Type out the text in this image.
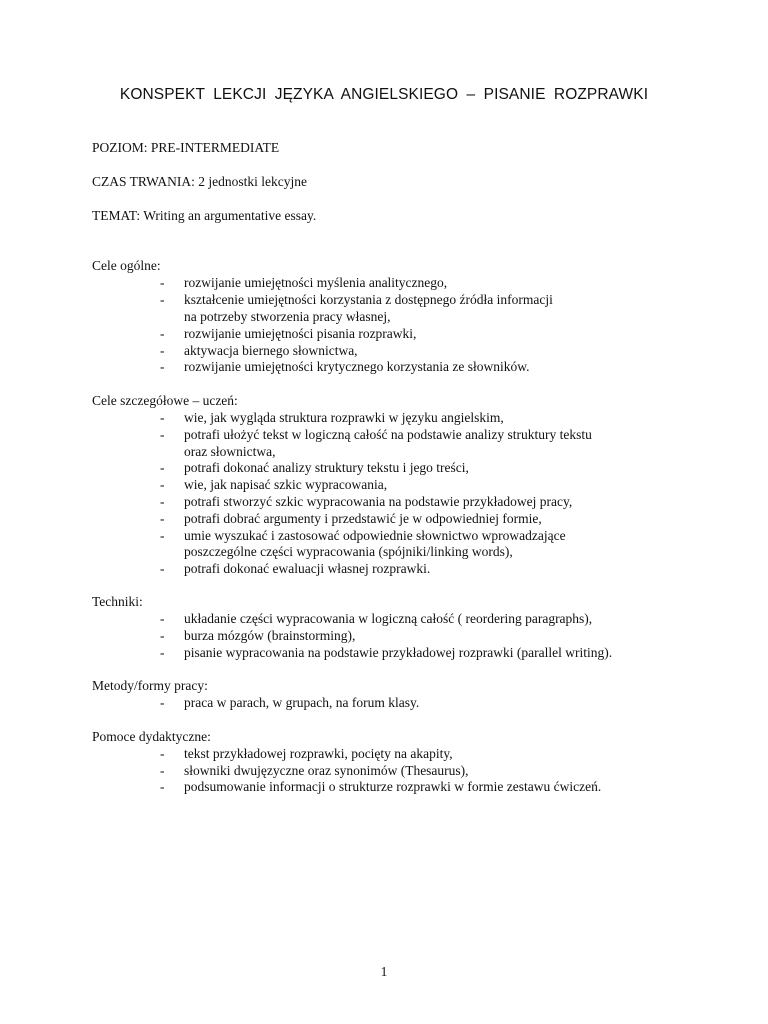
KONSPEKT LEKCJI JĘZYKA ANGIELSKIEGO – PISANIE ROZPRAWKI
POZIOM: PRE-INTERMEDIATE
CZAS TRWANIA: 2 jednostki lekcyjne
TEMAT: Writing an argumentative essay.
Cele ogólne:
- rozwijanie umiejętności myślenia analitycznego,
- kształcenie umiejętności korzystania z dostępnego źródła informacji
na potrzeby stworzenia pracy własnej,
- rozwijanie umiejętności pisania rozprawki,
- aktywacja biernego słownictwa,
- rozwijanie umiejętności krytycznego korzystania ze słowników.
Cele szczegółowe – uczeń:
- wie, jak wygląda struktura rozprawki w języku angielskim,
- potrafi ułożyć tekst w logiczną całość na podstawie analizy struktury tekstu
oraz słownictwa,
- potrafi dokonać analizy struktury tekstu i jego treści,
- wie, jak napisać szkic wypracowania,
- potrafi stworzyć szkic wypracowania na podstawie przykładowej pracy,
- potrafi dobrać argumenty i przedstawić je w odpowiedniej formie,
- umie wyszukać i zastosować odpowiednie słownictwo wprowadzające
poszczególne części wypracowania (spójniki/linking words),
- potrafi dokonać ewaluacji własnej rozprawki.
Techniki:
- układanie części wypracowania w logiczną całość ( reordering paragraphs),
- burza mózgów (brainstorming),
- pisanie wypracowania na podstawie przykładowej rozprawki (parallel writing).
Metody/formy pracy:
- praca w parach, w grupach, na forum klasy.
Pomoce dydaktyczne:
- tekst przykładowej rozprawki, pocięty na akapity,
- słowniki dwujęzyczne oraz synonimów (Thesaurus),
- podsumowanie informacji o strukturze rozprawki w formie zestawu ćwiczeń.
1
